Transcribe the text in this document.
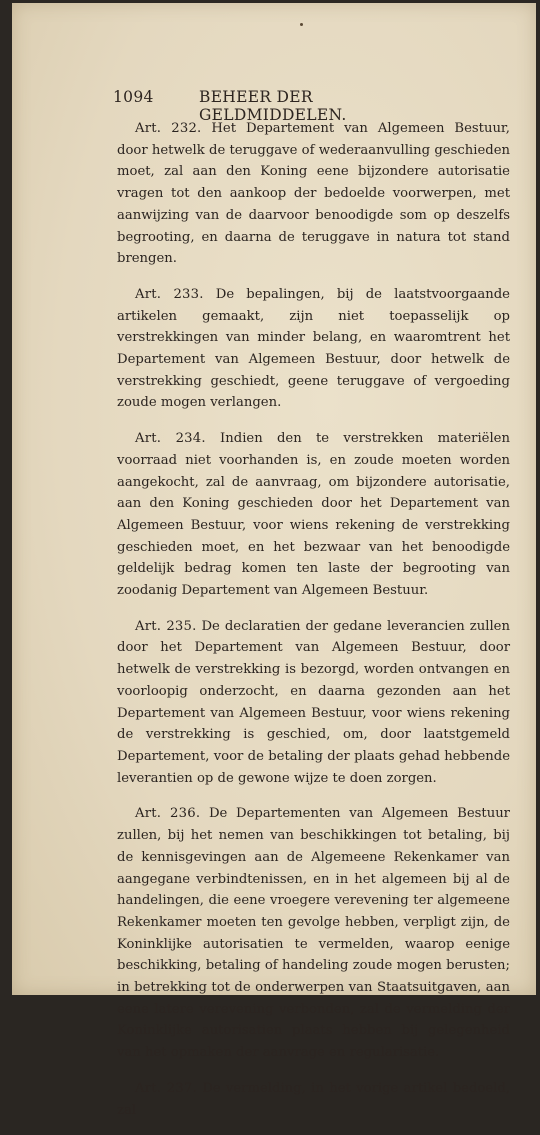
1094	BEHEER DER GELDMIDDELEN.

Art. 232. Het Departement van Algemeen Bestuur, door hetwelk de teruggave of wederaanvulling geschieden moet, zal aan den Koning eene bijzondere autorisatie vragen tot den aankoop der bedoelde voorwerpen, met aanwijzing van de daarvoor benoodigde som op deszelfs begrooting, en daarna de teruggave in natura tot stand brengen.

Art. 233. De bepalingen, bij de laatstvoorgaande artikelen gemaakt, zijn niet toepasselijk op verstrekkingen van minder belang, en waaromtrent het Departement van Algemeen Bestuur, door hetwelk de verstrekking geschiedt, geene teruggave of vergoeding zoude mogen verlangen.

Art. 234. Indien den te verstrekken materiëlen voorraad niet voorhanden is, en zoude moeten worden aangekocht, zal de aanvraag, om bijzondere autorisatie, aan den Koning geschieden door het Departement van Algemeen Bestuur, voor wiens rekening de verstrekking geschieden moet, en het bezwaar van het benoodigde geldelijk bedrag komen ten laste der begrooting van zoodanig Departement van Algemeen Bestuur.

Art. 235. De declaratien der gedane leverancien zullen door het Departement van Algemeen Bestuur, door hetwelk de verstrekking is bezorgd, worden ontvangen en voorloopig onderzocht, en daarna gezonden aan het Departement van Algemeen Bestuur, voor wiens rekening de verstrekking is geschied, om, door laatstgemeld Departement, voor de betaling der plaats gehad hebbende leverantien op de gewone wijze te doen zorgen.

Art. 236. De Departementen van Algemeen Bestuur zullen, bij het nemen van beschikkingen tot betaling, bij de kennisgevingen aan de Algemeene Rekenkamer van aangegane verbindtenissen, en in het algemeen bij al de handelingen, die eene vroegere verevening ter algemeene Rekenkamer moeten ten gevolge hebben, verpligt zijn, de Koninklijke autorisatien te vermelden, waarop eenige beschikking, betaling of handeling zoude mogen berusten; in betrekking tot de onderwerpen van Staatsuitgaven, aan eene latere verevening verbonden, zal de vermelding der Koninklijke autorisatien plaats hebben bij gelegenheid van het opmaken der aanvrage en regularisatie.

Art. 237. De vermelding, in het vorige artikel bedoeld, zal
